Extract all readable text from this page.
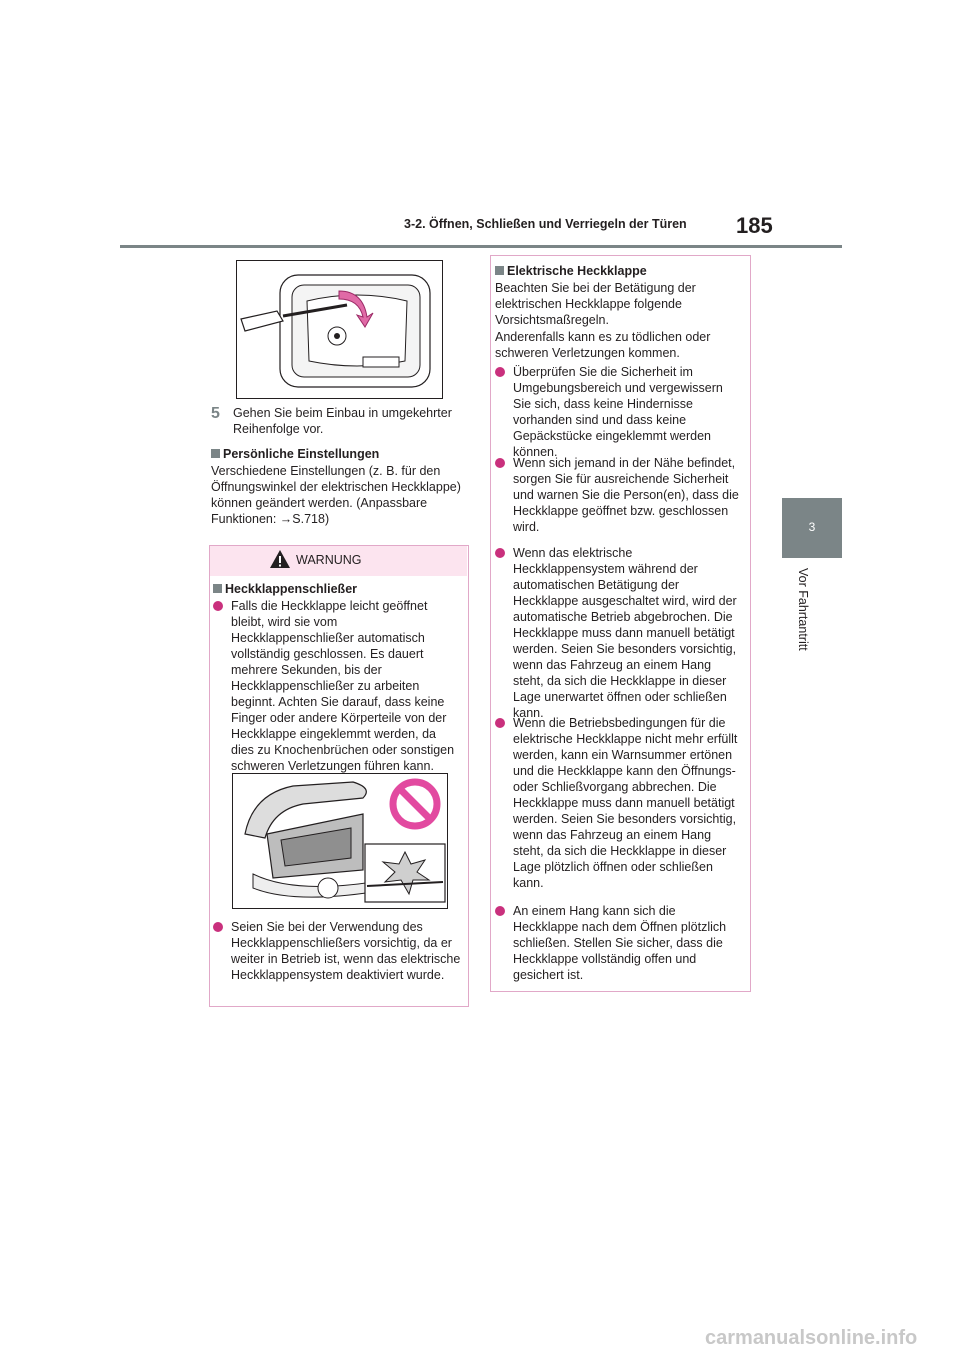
3-2. Öffnen, Schließen und Verriegeln der Türen 185
3
Vor Fahrtantritt
5 Gehen Sie beim Einbau in umgekehrter Reihenfolge vor.
Persönliche Einstellungen

Verschiedene Einstellungen (z. B. für den Öffnungswinkel der elektrischen Heckklappe) können geändert werden. (Anpassbare Funktionen: →S.718)

WARNUNG
Heckklappenschließer
Falls die Heckklappe leicht geöffnet bleibt, wird sie vom Heckklappenschließer automatisch vollständig geschlossen. Es dauert mehrere Sekunden, bis der Heckklappenschließer zu arbeiten beginnt. Achten Sie darauf, dass keine Finger oder andere Körperteile von der Heckklappe eingeklemmt werden, da dies zu Knochenbrüchen oder sonstigen schweren Verletzungen führen kann.
Seien Sie bei der Verwendung des Heckklappenschließers vorsichtig, da er weiter in Betrieb ist, wenn das elektrische Heckklappensystem deaktiviert wurde.
Elektrische Heckklappe

Beachten Sie bei der Betätigung der elektrischen Heckklappe folgende Vorsichtsmaßregeln.

Anderenfalls kann es zu tödlichen oder schweren Verletzungen kommen.

Überprüfen Sie die Sicherheit im Umgebungsbereich und vergewissern Sie sich, dass keine Hindernisse vorhanden sind und dass keine Gepäckstücke eingeklemmt werden können.
Wenn sich jemand in der Nähe befindet, sorgen Sie für ausreichende Sicherheit und warnen Sie die Person(en), dass die Heckklappe geöffnet bzw. geschlossen wird.
Wenn das elektrische Heckklappensystem während der automatischen Betätigung der Heckklappe ausgeschaltet wird, wird der automatische Betrieb abgebrochen. Die Heckklappe muss dann manuell betätigt werden. Seien Sie besonders vorsichtig, wenn das Fahrzeug an einem Hang steht, da sich die Heckklappe in dieser Lage unerwartet öffnen oder schließen kann.
Wenn die Betriebsbedingungen für die elektrische Heckklappe nicht mehr erfüllt werden, kann ein Warnsummer ertönen und die Heckklappe kann den Öffnungs- oder Schließvorgang abbrechen. Die Heckklappe muss dann manuell betätigt werden. Seien Sie besonders vorsichtig, wenn das Fahrzeug an einem Hang steht, da sich die Heckklappe in dieser Lage plötzlich öffnen oder schließen kann.
An einem Hang kann sich die Heckklappe nach dem Öffnen plötzlich schließen. Stellen Sie sicher, dass die Heckklappe vollständig offen und gesichert ist.
carmanualsonline.info
